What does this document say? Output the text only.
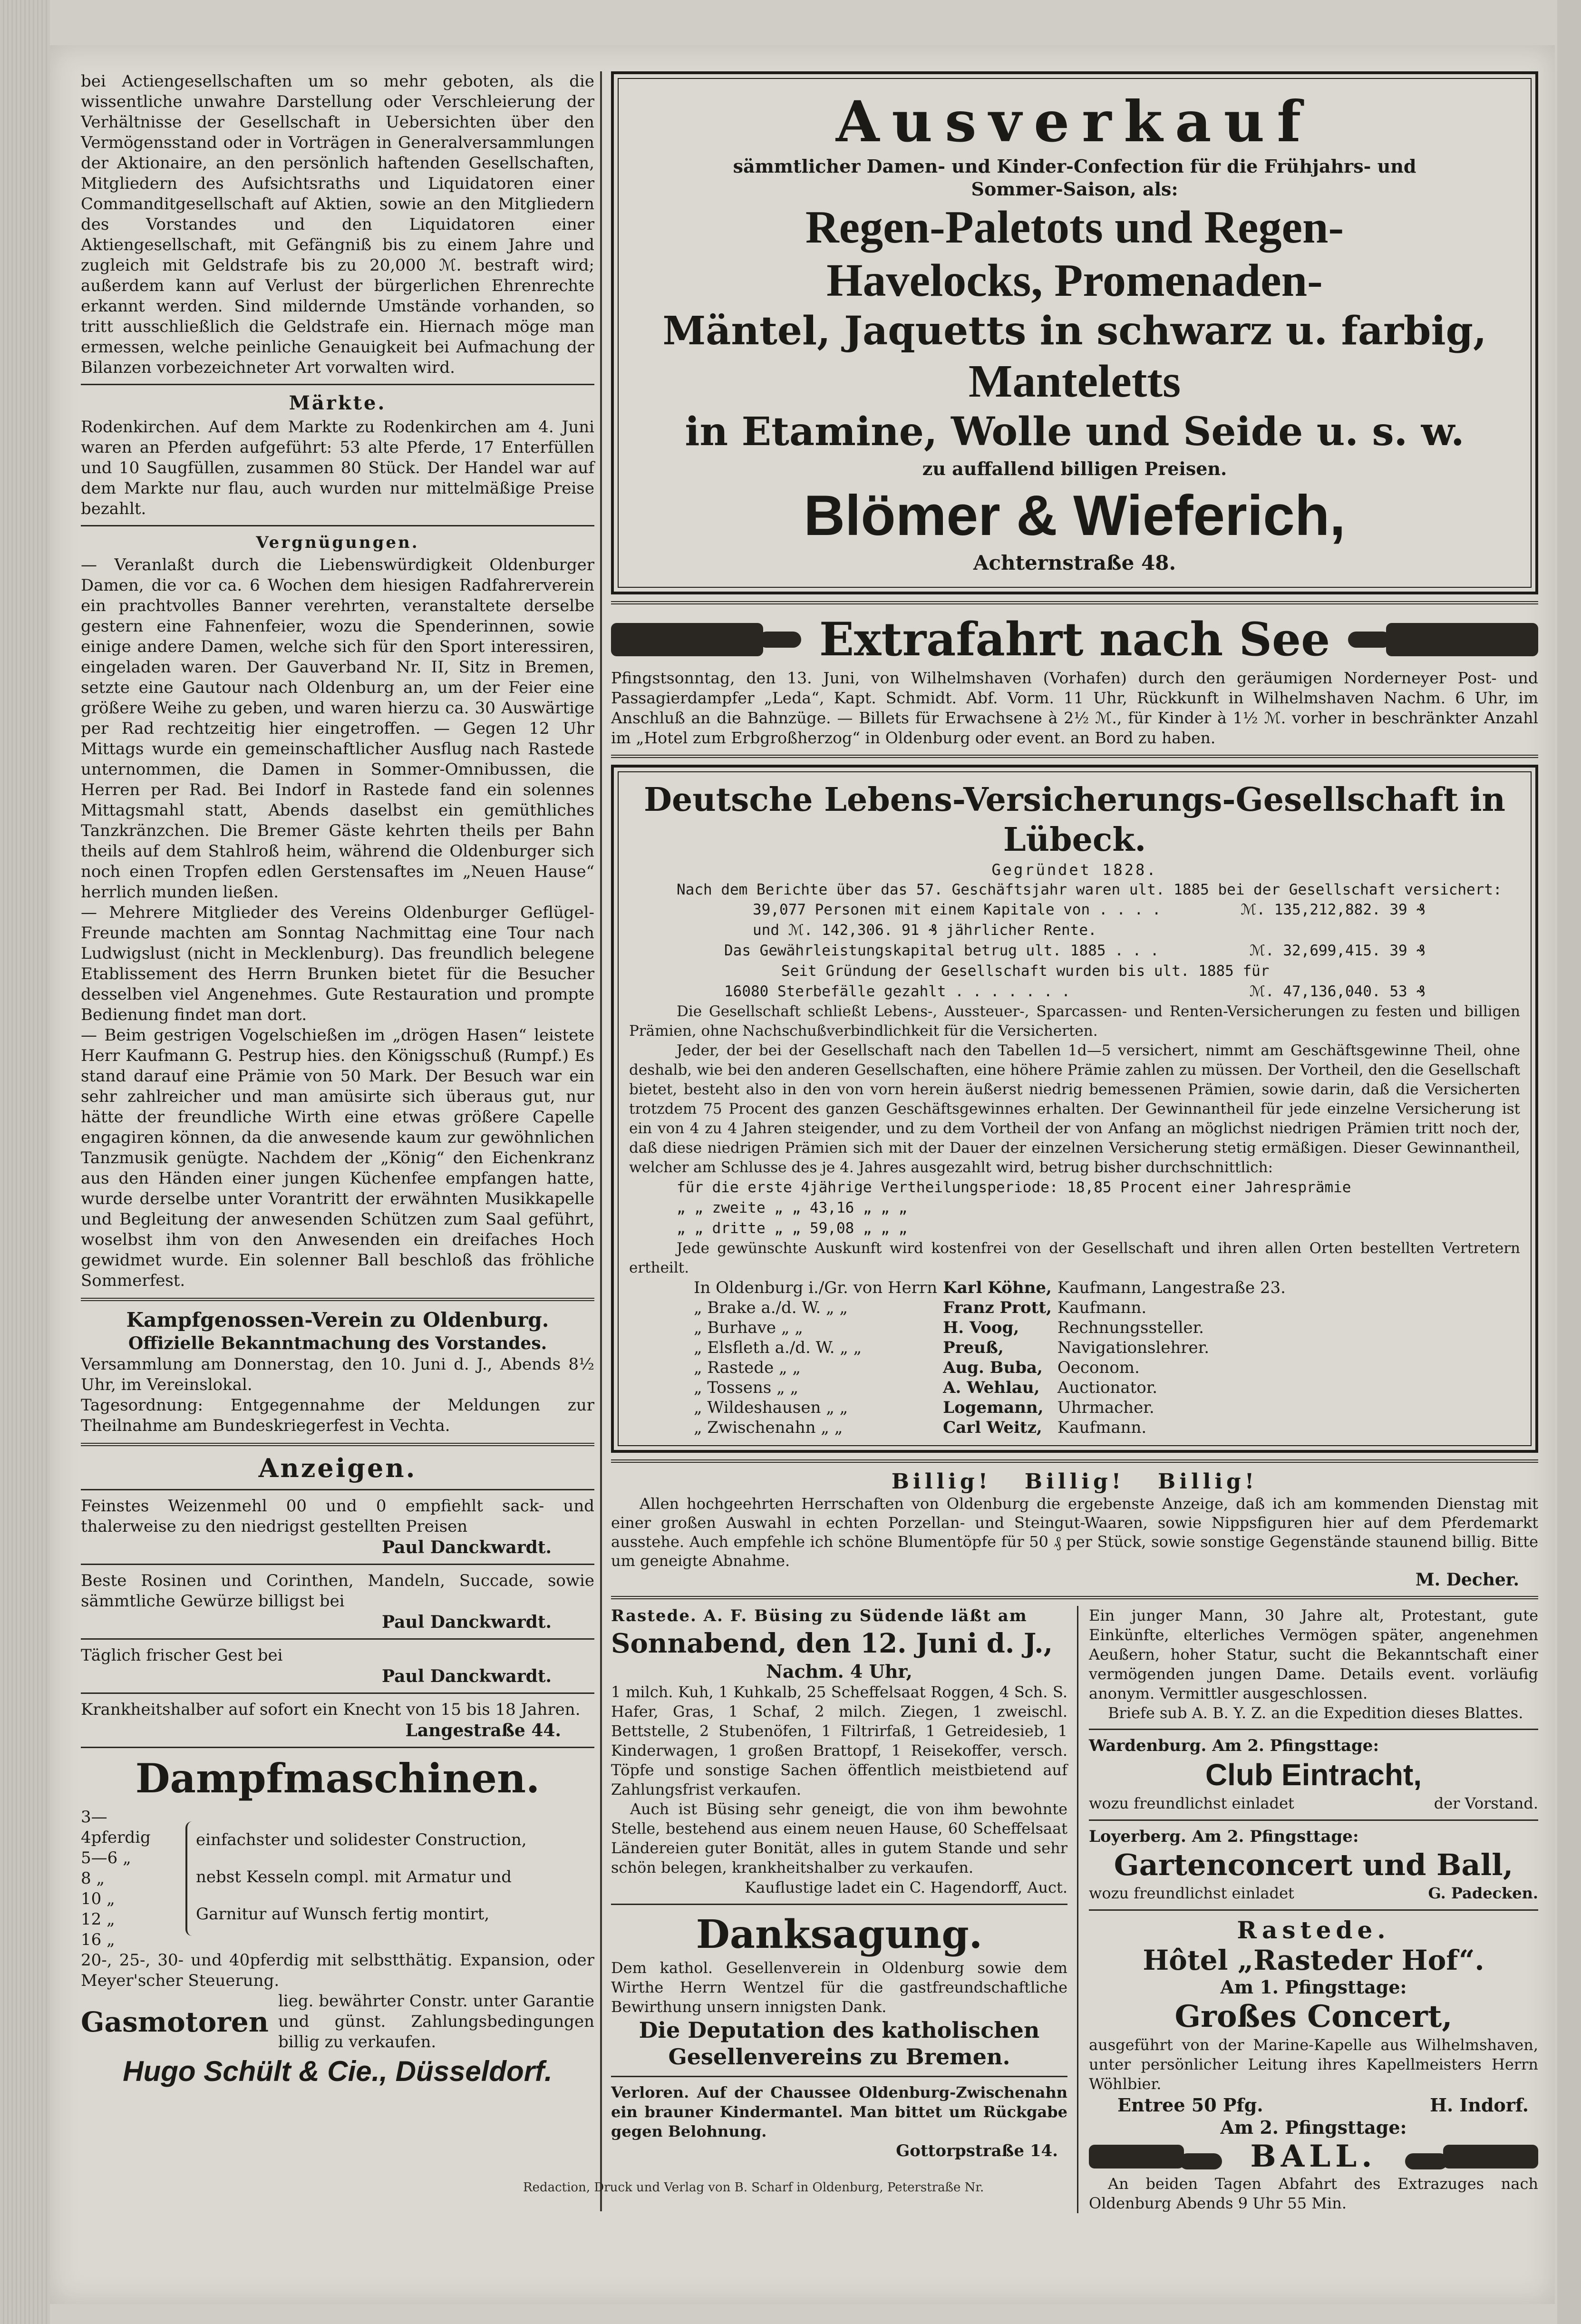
bei Actiengesellschaften um so mehr geboten, als die wissentliche unwahre Darstellung oder Verschleierung der Verhältnisse der Gesellschaft in Uebersichten über den Vermögensstand oder in Vorträgen in Generalversammlungen der Aktionaire, an den persönlich haftenden Gesellschaften, Mitgliedern des Aufsichtsraths und Liquidatoren einer Commanditgesellschaft auf Aktien, sowie an den Mitgliedern des Vorstandes und den Liquidatoren einer Aktiengesellschaft, mit Gefängniß bis zu einem Jahre und zugleich mit Geldstrafe bis zu 20,000 ℳ. bestraft wird; außerdem kann auf Verlust der bürgerlichen Ehrenrechte erkannt werden. Sind mildernde Umstände vorhanden, so tritt ausschließlich die Geldstrafe ein. Hiernach möge man ermessen, welche peinliche Genauigkeit bei Aufmachung der Bilanzen vorbezeichneter Art vorwalten wird.

Märkte.

Rodenkirchen. Auf dem Markte zu Rodenkirchen am 4. Juni waren an Pferden aufgeführt: 53 alte Pferde, 17 Enterfüllen und 10 Saugfüllen, zusammen 80 Stück. Der Handel war auf dem Markte nur flau, auch wurden nur mittelmäßige Preise bezahlt.

Vergnügungen.

— Veranlaßt durch die Liebenswürdigkeit Oldenburger Damen, die vor ca. 6 Wochen dem hiesigen Radfahrerverein ein prachtvolles Banner verehrten, veranstaltete derselbe gestern eine Fahnenfeier, wozu die Spenderinnen, sowie einige andere Damen, welche sich für den Sport interessiren, eingeladen waren. Der Gauverband Nr. II, Sitz in Bremen, setzte eine Gautour nach Oldenburg an, um der Feier eine größere Weihe zu geben, und waren hierzu ca. 30 Auswärtige per Rad rechtzeitig hier eingetroffen. — Gegen 12 Uhr Mittags wurde ein gemeinschaftlicher Ausflug nach Rastede unternommen, die Damen in Sommer-Omnibussen, die Herren per Rad. Bei Indorf in Rastede fand ein solennes Mittagsmahl statt, Abends daselbst ein gemüthliches Tanzkränzchen. Die Bremer Gäste kehrten theils per Bahn theils auf dem Stahlroß heim, während die Oldenburger sich noch einen Tropfen edlen Gerstensaftes im „Neuen Hause“ herrlich munden ließen.

— Mehrere Mitglieder des Vereins Oldenburger Geflügel-Freunde machten am Sonntag Nachmittag eine Tour nach Ludwigslust (nicht in Mecklenburg). Das freundlich belegene Etablissement des Herrn Brunken bietet für die Besucher desselben viel Angenehmes. Gute Restauration und prompte Bedienung findet man dort.

— Beim gestrigen Vogelschießen im „drögen Hasen“ leistete Herr Kaufmann G. Pestrup hies. den Königsschuß (Rumpf.) Es stand darauf eine Prämie von 50 Mark. Der Besuch war ein sehr zahlreicher und man amüsirte sich überaus gut, nur hätte der freundliche Wirth eine etwas größere Capelle engagiren können, da die anwesende kaum zur gewöhnlichen Tanzmusik genügte. Nachdem der „König“ den Eichenkranz aus den Händen einer jungen Küchenfee empfangen hatte, wurde derselbe unter Vorantritt der erwähnten Musikkapelle und Begleitung der anwesenden Schützen zum Saal geführt, woselbst ihm von den Anwesenden ein dreifaches Hoch gewidmet wurde. Ein solenner Ball beschloß das fröhliche Sommerfest.

Kampfgenossen-Verein zu Oldenburg.
Offizielle Bekanntmachung des Vorstandes.

Versammlung am Donnerstag, den 10. Juni d. J., Abends 8½ Uhr, im Vereinslokal.

Tagesordnung: Entgegennahme der Meldungen zur Theilnahme am Bundeskriegerfest in Vechta.

Anzeigen.

Feinstes Weizenmehl 00 und 0 empfiehlt sack- und thalerweise zu den niedrigst gestellten Preisen

Paul Danckwardt.

Beste Rosinen und Corinthen, Mandeln, Succade, sowie sämmtliche Gewürze billigst bei

Paul Danckwardt.

Täglich frischer Gest bei

Paul Danckwardt.

Krankheitshalber auf sofort ein Knecht von 15 bis 18 Jahren.

Langestraße 44.
Dampfmaschinen.
3—4pferdig
5—6 „
8 „
10 „
12 „
16 „
einfachster und solidester Construction,
nebst Kesseln compl. mit Armatur und
Garnitur auf Wunsch fertig montirt,

20-, 25-, 30- und 40pferdig mit selbstthätig. Expansion, oder Meyer'scher Steuerung.

Gasmotoren

lieg. bewährter Constr. unter Garantie und günst. Zahlungsbedingungen billig zu verkaufen.

Hugo Schült & Cie., Düsseldorf.
Ausverkauf
sämmtlicher Damen- und Kinder-Confection für die Frühjahrs- und Sommer-Saison, als:
Regen-Paletots und Regen-
Havelocks, Promenaden-
Mäntel, Jaquetts in schwarz u. farbig,
Manteletts
in Etamine, Wolle und Seide u. s. w.
zu auffallend billigen Preisen.
Blömer & Wieferich,
Achternstraße 48.
Extrafahrt nach See

Pfingstsonntag, den 13. Juni, von Wilhelmshaven (Vorhafen) durch den geräumigen Norderneyer Post- und Passagierdampfer „Leda“, Kapt. Schmidt. Abf. Vorm. 11 Uhr, Rückkunft in Wilhelmshaven Nachm. 6 Uhr, im Anschluß an die Bahnzüge. — Billets für Erwachsene à 2½ ℳ., für Kinder à 1½ ℳ. vorher in beschränkter Anzahl im „Hotel zum Erbgroßherzog“ in Oldenburg oder event. an Bord zu haben.

Deutsche Lebens-Versicherungs-Gesellschaft in Lübeck.
Gegründet 1828.

Nach dem Berichte über das 57. Geschäftsjahr waren ult. 1885 bei der Gesellschaft versichert:

39,077 Personen mit einem Kapitale von . . . .	ℳ. 135,212,882. 39 ₰
und ℳ. 142,306. 91 ₰ jährlicher Rente.
Das Gewährleistungskapital betrug ult. 1885 . . .	ℳ. 32,699,415. 39 ₰
Seit Gründung der Gesellschaft wurden bis ult. 1885 für
16080 Sterbefälle gezahlt . . . . . . .	ℳ. 47,136,040. 53 ₰

Die Gesellschaft schließt Lebens-, Aussteuer-, Sparcassen- und Renten-Versicherungen zu festen und billigen Prämien, ohne Nachschußverbindlichkeit für die Versicherten.

Jeder, der bei der Gesellschaft nach den Tabellen 1d—5 versichert, nimmt am Geschäftsgewinne Theil, ohne deshalb, wie bei den anderen Gesellschaften, eine höhere Prämie zahlen zu müssen. Der Vortheil, den die Gesellschaft bietet, besteht also in den von vorn herein äußerst niedrig bemessenen Prämien, sowie darin, daß die Versicherten trotzdem 75 Procent des ganzen Geschäftsgewinnes erhalten. Der Gewinnantheil für jede einzelne Versicherung ist ein von 4 zu 4 Jahren steigender, und zu dem Vortheil der von Anfang an möglichst niedrigen Prämien tritt noch der, daß diese niedrigen Prämien sich mit der Dauer der einzelnen Versicherung stetig ermäßigen. Dieser Gewinnantheil, welcher am Schlusse des je 4. Jahres ausgezahlt wird, betrug bisher durchschnittlich:

für die erste 4jährige Vertheilungsperiode: 18,85 Procent einer Jahresprämie
„ „ zweite „ „ 43,16 „ „ „
„ „ dritte „ „ 59,08 „ „ „

Jede gewünschte Auskunft wird kostenfrei von der Gesellschaft und ihren allen Orten bestellten Vertretern ertheilt.

In Oldenburg i./Gr. von Herrn	Karl Köhne,	Kaufmann, Langestraße 23.
„ Brake a./d. W. „ „	Franz Prott,	Kaufmann.
„ Burhave „ „	H. Voog,	Rechnungssteller.
„ Elsfleth a./d. W. „ „	Preuß,	Navigationslehrer.
„ Rastede „ „	Aug. Buba,	Oeconom.
„ Tossens „ „	A. Wehlau,	Auctionator.
„ Wildeshausen „ „	Logemann,	Uhrmacher.
„ Zwischenahn „ „	Carl Weitz,	Kaufmann.
Billig!   Billig!   Billig!

Allen hochgeehrten Herrschaften von Oldenburg die ergebenste Anzeige, daß ich am kommenden Dienstag mit einer großen Auswahl in echten Porzellan- und Steingut-Waaren, sowie Nippsfiguren hier auf dem Pferdemarkt ausstehe. Auch empfehle ich schöne Blumentöpfe für 50 ₰ per Stück, sowie sonstige Gegenstände staunend billig. Bitte um geneigte Abnahme.

M. Decher.
Rastede. A. F. Büsing zu Südende läßt am
Sonnabend, den 12. Juni d. J.,
Nachm. 4 Uhr,

1 milch. Kuh, 1 Kuhkalb, 25 Scheffelsaat Roggen, 4 Sch. S. Hafer, Gras, 1 Schaf, 2 milch. Ziegen, 1 zweischl. Bettstelle, 2 Stubenöfen, 1 Filtrirfaß, 1 Getreidesieb, 1 Kinderwagen, 1 großen Brattopf, 1 Reisekoffer, versch. Töpfe und sonstige Sachen öffentlich meistbietend auf Zahlungsfrist verkaufen.

Auch ist Büsing sehr geneigt, die von ihm bewohnte Stelle, bestehend aus einem neuen Hause, 60 Scheffelsaat Ländereien guter Bonität, alles in gutem Stande und sehr schön belegen, krankheitshalber zu verkaufen.

Kauflustige ladet ein C. Hagendorff, Auct.
Danksagung.

Dem kathol. Gesellenverein in Oldenburg sowie dem Wirthe Herrn Wentzel für die gastfreundschaftliche Bewirthung unsern innigsten Dank.

Die Deputation des katholischen
Gesellenvereins zu Bremen.

Verloren. Auf der Chaussee Oldenburg-Zwischenahn ein brauner Kindermantel. Man bittet um Rückgabe gegen Belohnung.

Gottorpstraße 14.

Ein junger Mann, 30 Jahre alt, Protestant, gute Einkünfte, elterliches Vermögen später, angenehmen Aeußern, hoher Statur, sucht die Bekanntschaft einer vermögenden jungen Dame. Details event. vorläufig anonym. Vermittler ausgeschlossen.

Briefe sub A. B. Y. Z. an die Expedition dieses Blattes.

Wardenburg. Am 2. Pfingsttage:
Club Eintracht,
wozu freundlichst einladet	der Vorstand.
Loyerberg. Am 2. Pfingsttage:
Gartenconcert und Ball,
wozu freundlichst einladet	G. Padecken.
Rastede.
Hôtel „Rasteder Hof“.
Am 1. Pfingsttage:
Großes Concert,

ausgeführt von der Marine-Kapelle aus Wilhelmshaven, unter persönlicher Leitung ihres Kapellmeisters Herrn Wöhlbier.

Entree 50 Pfg.	H. Indorf.
Am 2. Pfingsttage:
BALL.

An beiden Tagen Abfahrt des Extrazuges nach Oldenburg Abends 9 Uhr 55 Min.

Redaction, Druck und Verlag von B. Scharf in Oldenburg, Peterstraße Nr.
